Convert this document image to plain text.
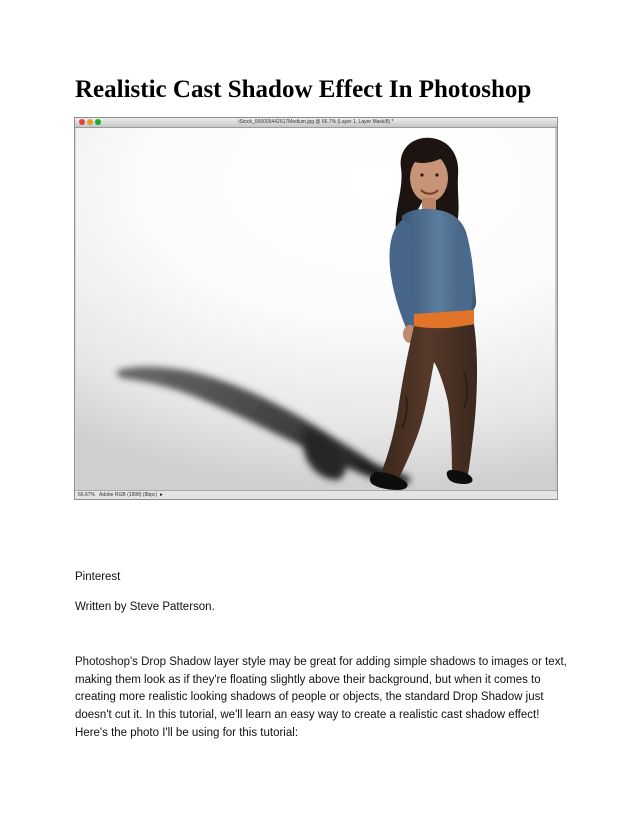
Realistic Cast Shadow Effect In Photoshop
iStock_000005442617Medium.jpg @ 66.7% (Layer 1, Layer Mask/8) *
66.67% Adobe RGB (1998) (8bpc) ►

Pinterest

Written by Steve Patterson.

Photoshop's Drop Shadow layer style may be great for adding simple shadows to images or text, making them look as if they're floating slightly above their background, but when it comes to creating more realistic looking shadows of people or objects, the standard Drop Shadow just doesn't cut it. In this tutorial, we'll learn an easy way to create a realistic cast shadow effect!

Here's the photo I'll be using for this tutorial:
